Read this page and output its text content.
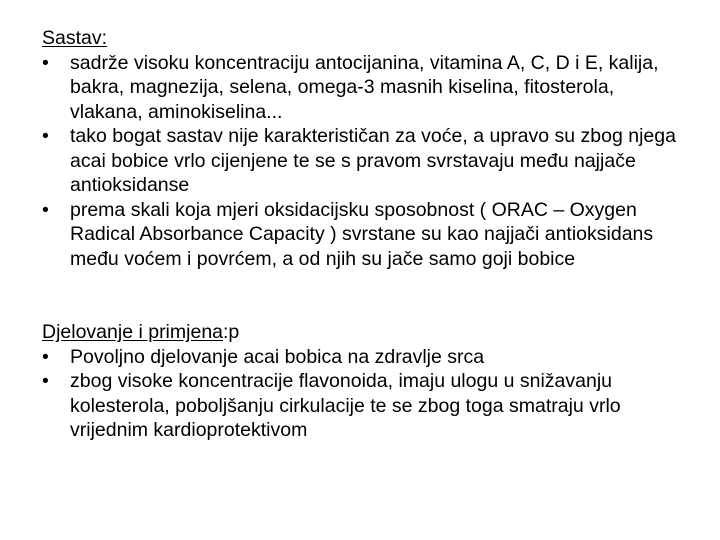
Sastav:

•	sadrže visoku koncentraciju antocijanina, vitamina A, C, D i E, kalija, bakra, magnezija, selena, omega-3 masnih kiselina, fitosterola, vlakana, aminokiselina...
•	tako bogat sastav nije karakterističan za voće, a upravo su zbog njega acai bobice vrlo cijenjene te se s pravom svrstavaju među najjače antioksidanse
•	prema skali koja mjeri oksidacijsku sposobnost ( ORAC – Oxygen Radical Absorbance Capacity ) svrstane su kao najjači antioksidans među voćem i povrćem, a od njih su jače samo goji bobice

Djelovanje i primjena:p

•	Povoljno djelovanje acai bobica na zdravlje srca
•	zbog visoke koncentracije flavonoida, imaju ulogu u snižavanju kolesterola, poboljšanju cirkulacije te se zbog toga smatraju vrlo vrijednim kardioprotektivom
